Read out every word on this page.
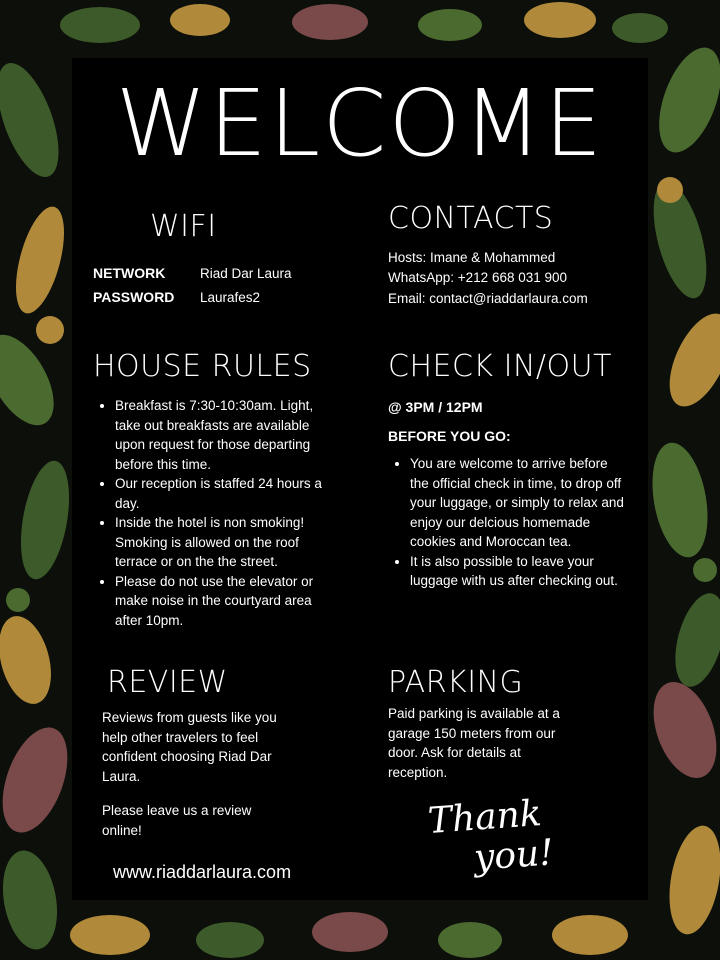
WELCOME
WIFI
NETWORK	Riad Dar Laura
PASSWORD Laurafes2
CONTACTS
Hosts: Imane & Mohammed
WhatsApp: +212 668 031 900
Email: contact@riaddarlaura.com
HOUSE RULES
• Breakfast is 7:30-10:30am. Light, take out breakfasts are available upon request for those departing before this time.
• Our reception is staffed 24 hours a day.
• Inside the hotel is non smoking! Smoking is allowed on the roof terrace or on the the street.
• Please do not use the elevator or make noise in the courtyard area after 10pm.
CHECK IN/OUT
@ 3PM / 12PM
BEFORE YOU GO:
• You are welcome to arrive before the official check in time, to drop off your luggage, or simply to relax and enjoy our delcious homemade cookies and Moroccan tea.
• It is also possible to leave your luggage with us after checking out.
REVIEW
Reviews from guests like you help other travelers to feel confident choosing Riad Dar Laura.
Please leave us a review online!
PARKING
Paid parking is available at a garage 150 meters from our door. Ask for details at reception.
www.riaddarlaura.com
Thank
you!
